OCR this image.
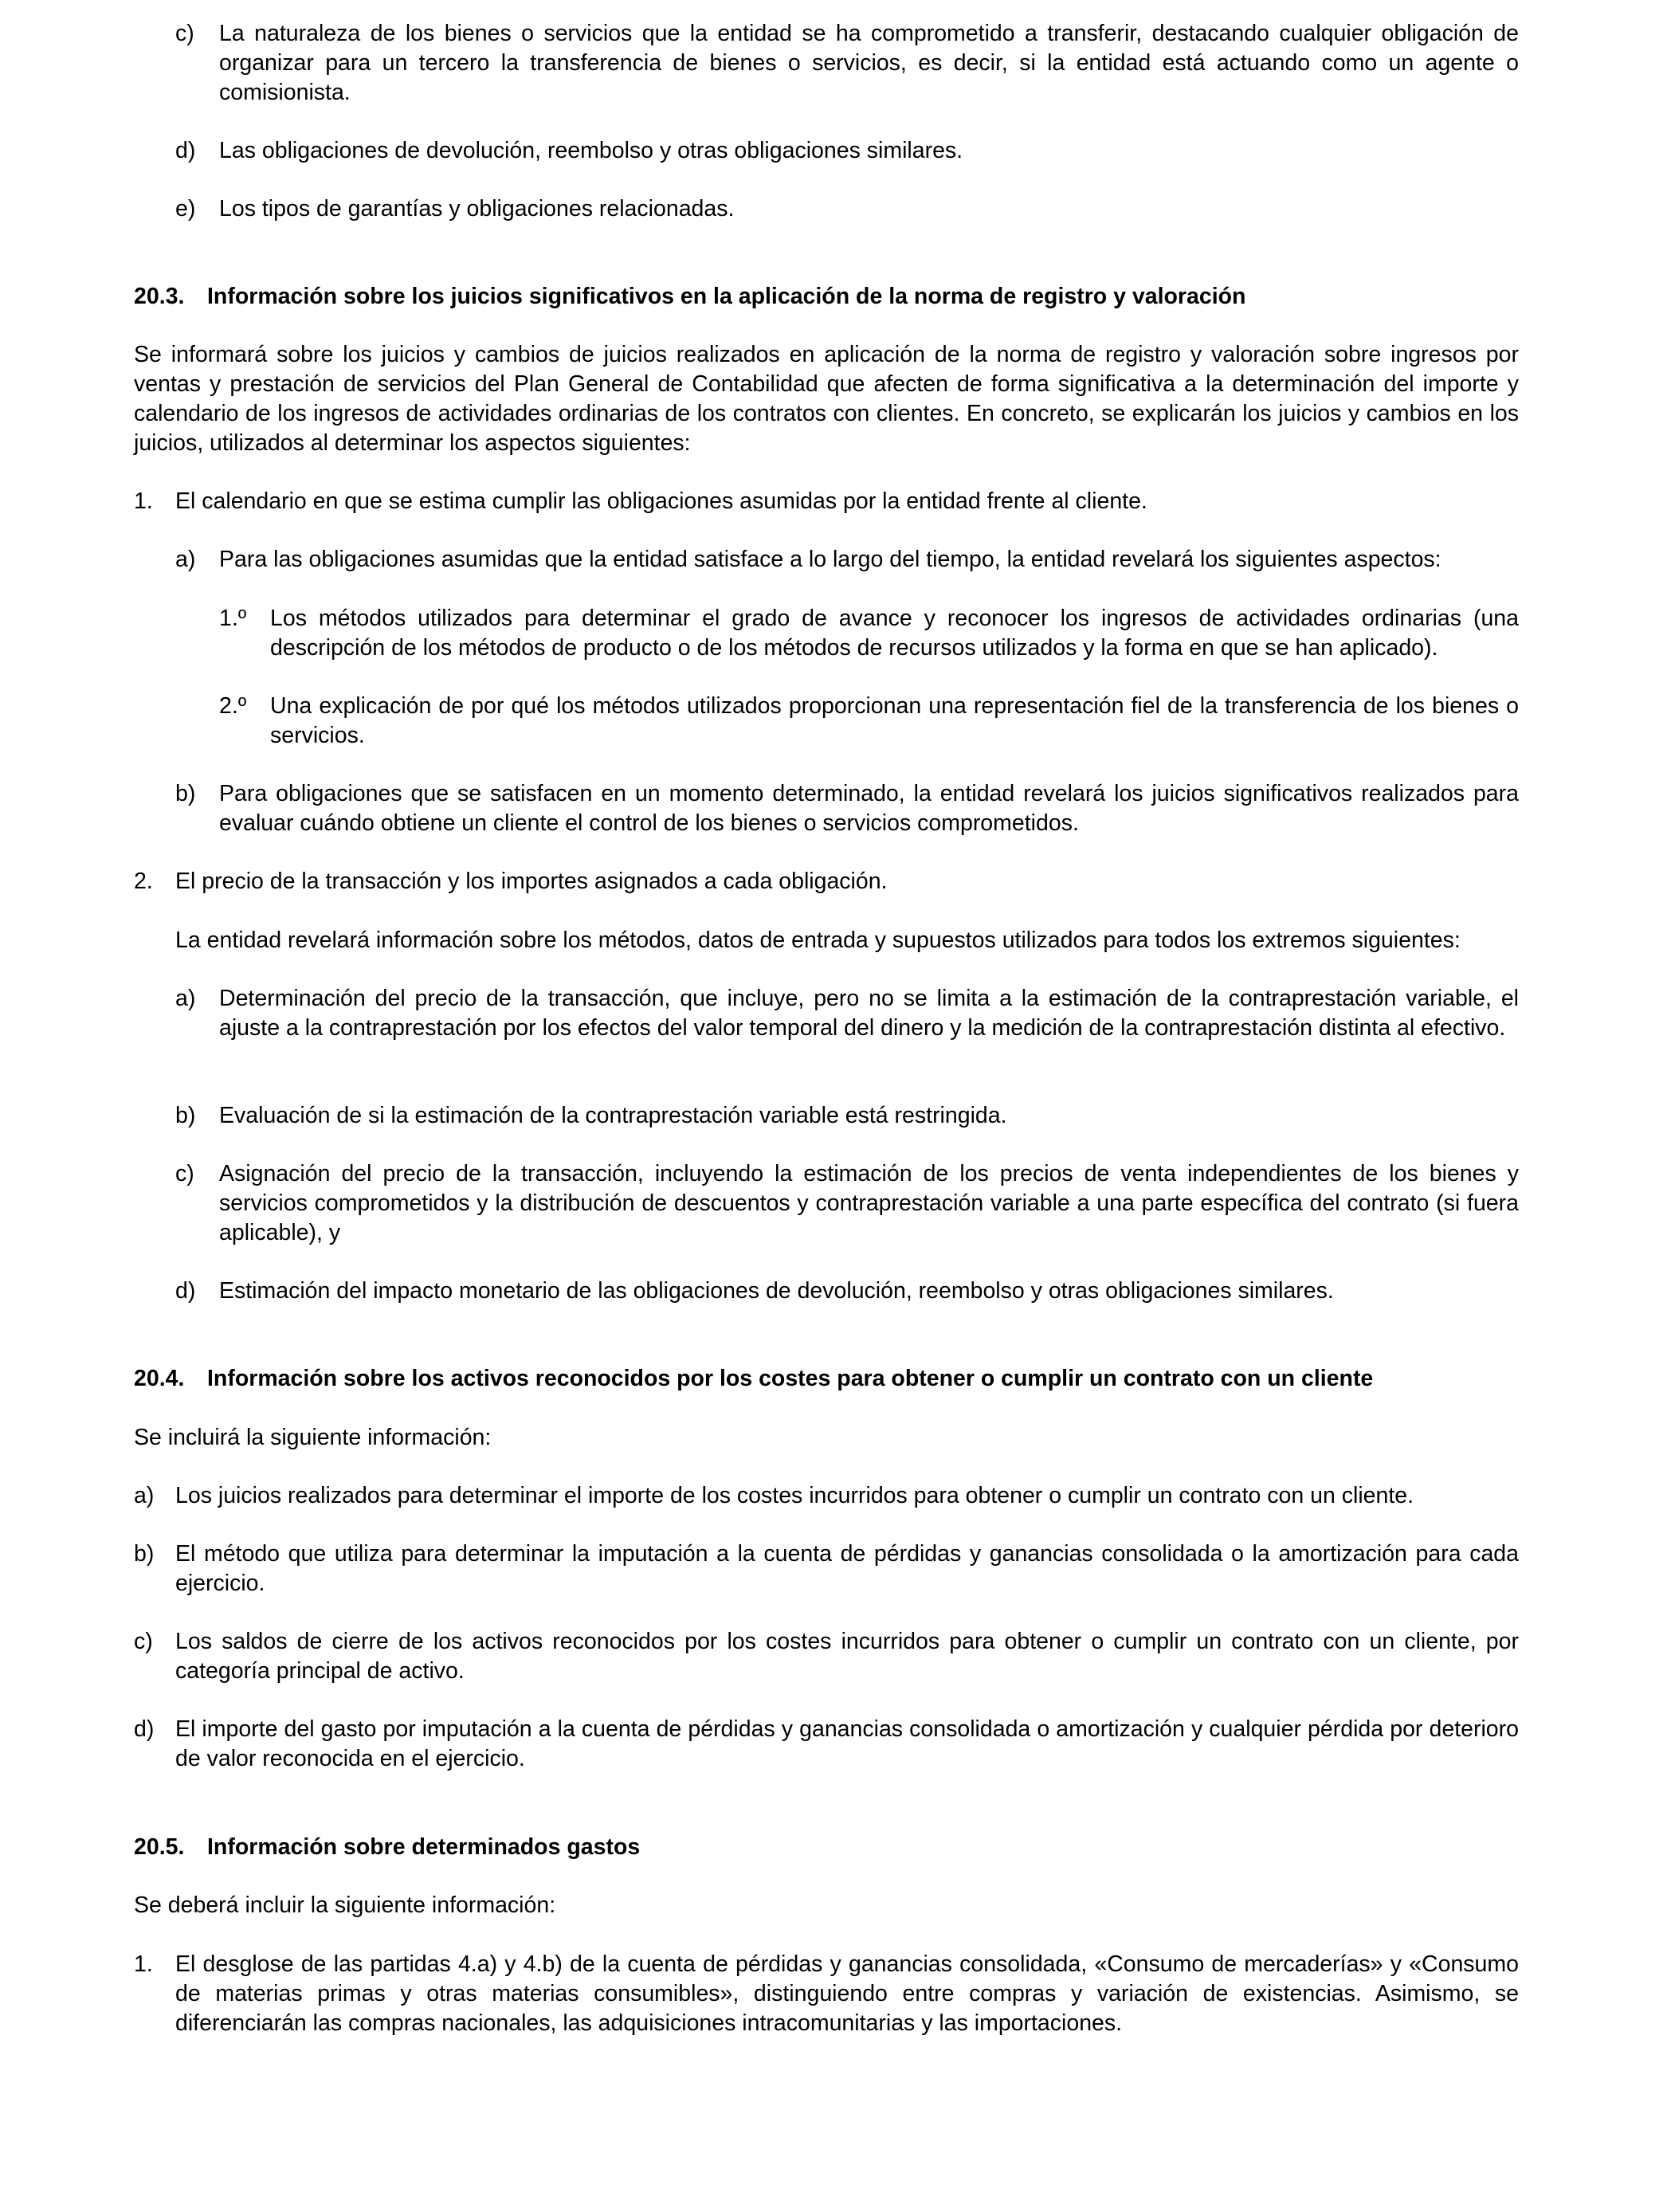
c) La naturaleza de los bienes o servicios que la entidad se ha comprometido a transferir, destacando cualquier obligación de organizar para un tercero la transferencia de bienes o servicios, es decir, si la entidad está actuando como un agente o comisionista.
d) Las obligaciones de devolución, reembolso y otras obligaciones similares.
e) Los tipos de garantías y obligaciones relacionadas.
20.3. Información sobre los juicios significativos en la aplicación de la norma de registro y valoración
Se informará sobre los juicios y cambios de juicios realizados en aplicación de la norma de registro y valoración sobre ingresos por ventas y prestación de servicios del Plan General de Contabilidad que afecten de forma significativa a la determinación del importe y calendario de los ingresos de actividades ordinarias de los contratos con clientes. En concreto, se explicarán los juicios y cambios en los juicios, utilizados al determinar los aspectos siguientes:
1. El calendario en que se estima cumplir las obligaciones asumidas por la entidad frente al cliente.
a) Para las obligaciones asumidas que la entidad satisface a lo largo del tiempo, la entidad revelará los siguientes aspectos:
1.º Los métodos utilizados para determinar el grado de avance y reconocer los ingresos de actividades ordinarias (una descripción de los métodos de producto o de los métodos de recursos utilizados y la forma en que se han aplicado).
2.º Una explicación de por qué los métodos utilizados proporcionan una representación fiel de la transferencia de los bienes o servicios.
b) Para obligaciones que se satisfacen en un momento determinado, la entidad revelará los juicios significativos realizados para evaluar cuándo obtiene un cliente el control de los bienes o servicios comprometidos.
2. El precio de la transacción y los importes asignados a cada obligación.
La entidad revelará información sobre los métodos, datos de entrada y supuestos utilizados para todos los extremos siguientes:
a) Determinación del precio de la transacción, que incluye, pero no se limita a la estimación de la contraprestación variable, el ajuste a la contraprestación por los efectos del valor temporal del dinero y la medición de la contraprestación distinta al efectivo.
b) Evaluación de si la estimación de la contraprestación variable está restringida.
c) Asignación del precio de la transacción, incluyendo la estimación de los precios de venta independientes de los bienes y servicios comprometidos y la distribución de descuentos y contraprestación variable a una parte específica del contrato (si fuera aplicable), y
d) Estimación del impacto monetario de las obligaciones de devolución, reembolso y otras obligaciones similares.
20.4. Información sobre los activos reconocidos por los costes para obtener o cumplir un contrato con un cliente
Se incluirá la siguiente información:
a) Los juicios realizados para determinar el importe de los costes incurridos para obtener o cumplir un contrato con un cliente.
b) El método que utiliza para determinar la imputación a la cuenta de pérdidas y ganancias consolidada o la amortización para cada ejercicio.
c) Los saldos de cierre de los activos reconocidos por los costes incurridos para obtener o cumplir un contrato con un cliente, por categoría principal de activo.
d) El importe del gasto por imputación a la cuenta de pérdidas y ganancias consolidada o amortización y cualquier pérdida por deterioro de valor reconocida en el ejercicio.
20.5. Información sobre determinados gastos
Se deberá incluir la siguiente información:
1. El desglose de las partidas 4.a) y 4.b) de la cuenta de pérdidas y ganancias consolidada, «Consumo de mercaderías» y «Consumo de materias primas y otras materias consumibles», distinguiendo entre compras y variación de existencias. Asimismo, se diferenciarán las compras nacionales, las adquisiciones intracomunitarias y las importaciones.
